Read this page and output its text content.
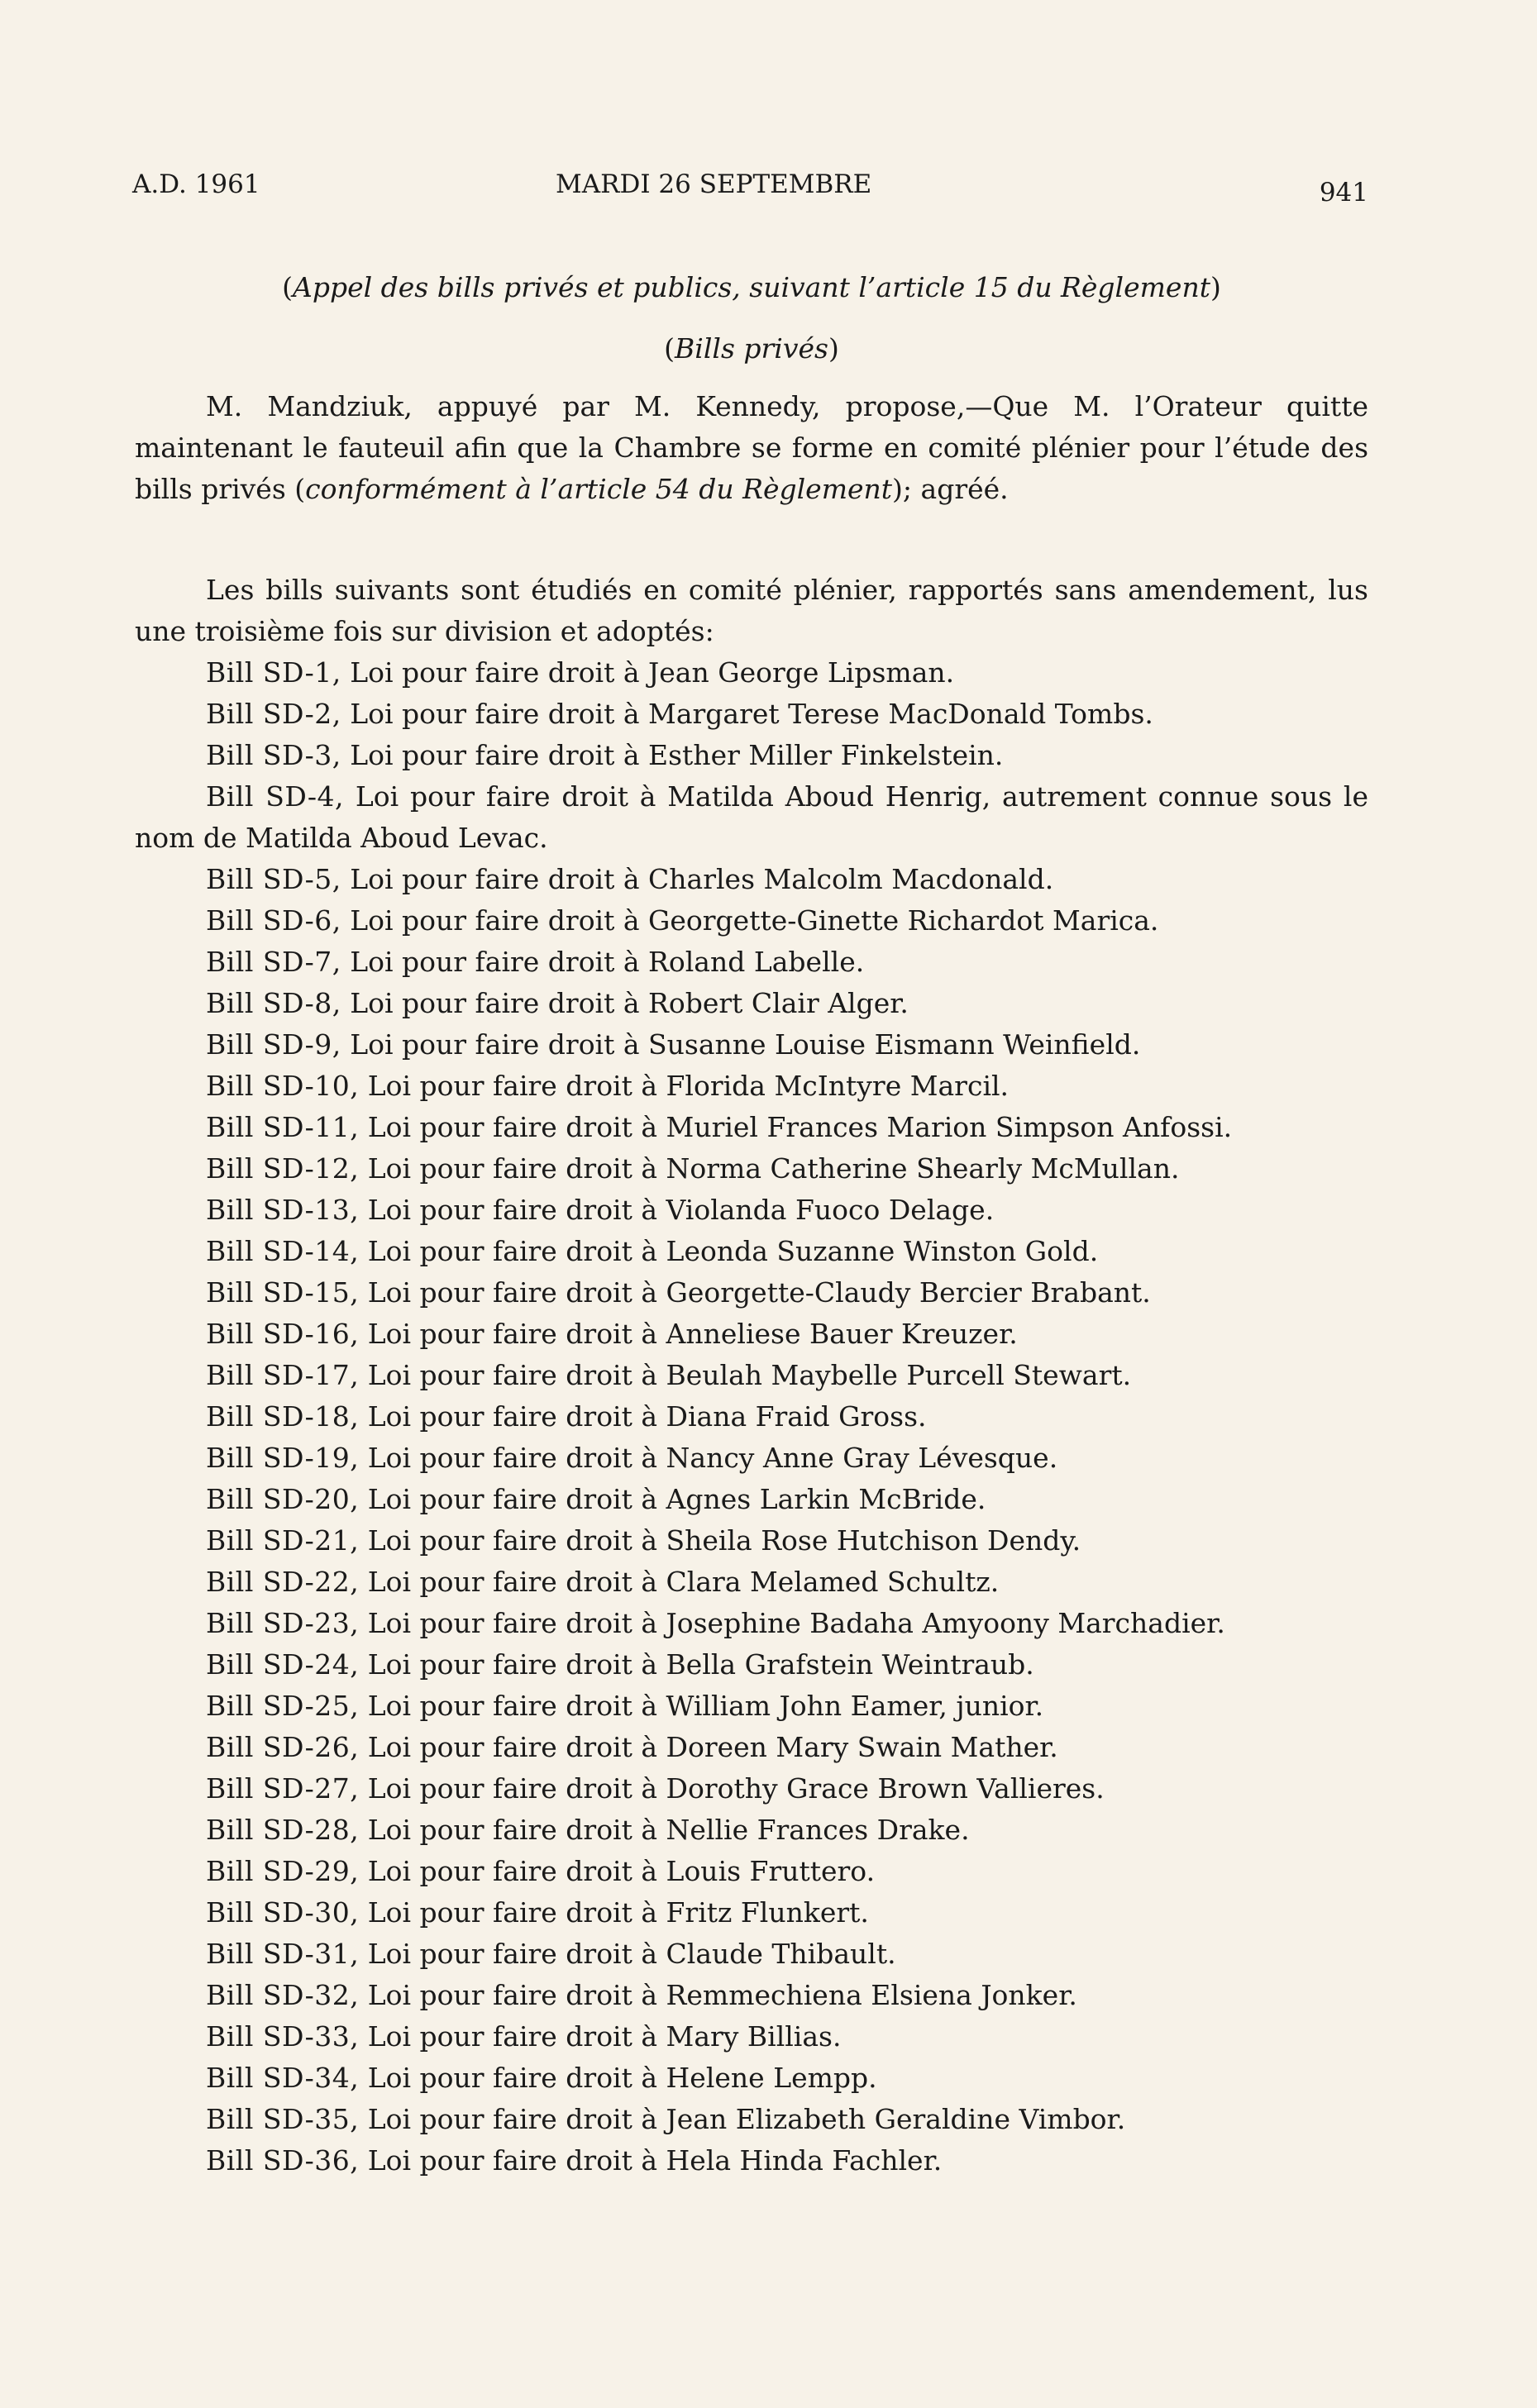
A.D. 1961	MARDI 26 SEPTEMBRE	941
(Appel des bills privés et publics, suivant l’article 15 du Règlement)
(Bills privés)

M. Mandziuk, appuyé par M. Kennedy, propose,—Que M. l’Orateur quitte maintenant le fauteuil afin que la Chambre se forme en comité plénier pour l’étude des bills privés (conformément à l’article 54 du Règlement); agréé.

Les bills suivants sont étudiés en comité plénier, rapportés sans amendement, lus une troisième fois sur division et adoptés:

Bill SD-1, Loi pour faire droit à Jean George Lipsman.
Bill SD-2, Loi pour faire droit à Margaret Terese MacDonald Tombs.
Bill SD-3, Loi pour faire droit à Esther Miller Finkelstein.
Bill SD-4, Loi pour faire droit à Matilda Aboud Henrig, autrement connue sous le nom de Matilda Aboud Levac.
Bill SD-5, Loi pour faire droit à Charles Malcolm Macdonald.
Bill SD-6, Loi pour faire droit à Georgette-Ginette Richardot Marica.
Bill SD-7, Loi pour faire droit à Roland Labelle.
Bill SD-8, Loi pour faire droit à Robert Clair Alger.
Bill SD-9, Loi pour faire droit à Susanne Louise Eismann Weinfield.
Bill SD-10, Loi pour faire droit à Florida McIntyre Marcil.
Bill SD-11, Loi pour faire droit à Muriel Frances Marion Simpson Anfossi.
Bill SD-12, Loi pour faire droit à Norma Catherine Shearly McMullan.
Bill SD-13, Loi pour faire droit à Violanda Fuoco Delage.
Bill SD-14, Loi pour faire droit à Leonda Suzanne Winston Gold.
Bill SD-15, Loi pour faire droit à Georgette-Claudy Bercier Brabant.
Bill SD-16, Loi pour faire droit à Anneliese Bauer Kreuzer.
Bill SD-17, Loi pour faire droit à Beulah Maybelle Purcell Stewart.
Bill SD-18, Loi pour faire droit à Diana Fraid Gross.
Bill SD-19, Loi pour faire droit à Nancy Anne Gray Lévesque.
Bill SD-20, Loi pour faire droit à Agnes Larkin McBride.
Bill SD-21, Loi pour faire droit à Sheila Rose Hutchison Dendy.
Bill SD-22, Loi pour faire droit à Clara Melamed Schultz.
Bill SD-23, Loi pour faire droit à Josephine Badaha Amyoony Marchadier.
Bill SD-24, Loi pour faire droit à Bella Grafstein Weintraub.
Bill SD-25, Loi pour faire droit à William John Eamer, junior.
Bill SD-26, Loi pour faire droit à Doreen Mary Swain Mather.
Bill SD-27, Loi pour faire droit à Dorothy Grace Brown Vallieres.
Bill SD-28, Loi pour faire droit à Nellie Frances Drake.
Bill SD-29, Loi pour faire droit à Louis Fruttero.
Bill SD-30, Loi pour faire droit à Fritz Flunkert.
Bill SD-31, Loi pour faire droit à Claude Thibault.
Bill SD-32, Loi pour faire droit à Remmechiena Elsiena Jonker.
Bill SD-33, Loi pour faire droit à Mary Billias.
Bill SD-34, Loi pour faire droit à Helene Lempp.
Bill SD-35, Loi pour faire droit à Jean Elizabeth Geraldine Vimbor.
Bill SD-36, Loi pour faire droit à Hela Hinda Fachler.
